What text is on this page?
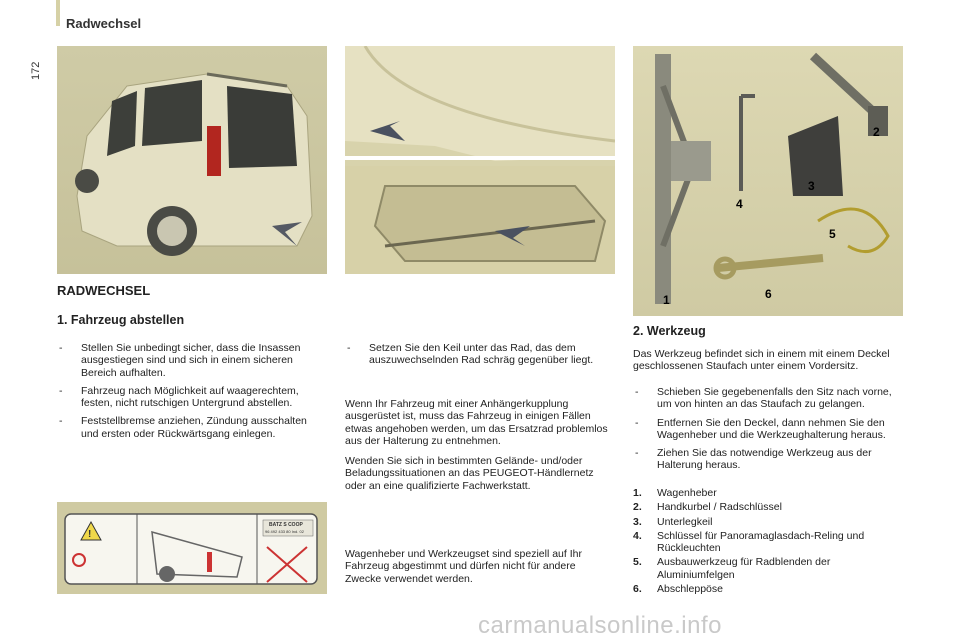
Radwechsel
172
1
2
3
4
5
6
!
BATZ S COOP
96 492 433 80 Ind. 02
RADWECHSEL
1. Fahrzeug abstellen
- Stellen Sie unbedingt sicher, dass die Insassen ausgestiegen sind und sich in einem sicheren Bereich aufhalten.
- Fahrzeug nach Möglichkeit auf waagerechtem, festen, nicht rutschigen Untergrund abstellen.
- Feststellbremse anziehen, Zündung ausschalten und ersten oder Rückwärtsgang einlegen.
- Setzen Sie den Keil unter das Rad, das dem auszuwechselnden Rad schräg gegenüber liegt.
Wenn Ihr Fahrzeug mit einer Anhängerkupplung ausgerüstet ist, muss das Fahrzeug in einigen Fällen etwas angehoben werden, um das Ersatzrad problemlos aus der Halterung zu entnehmen.
Wenden Sie sich in bestimmten Gelände- und/oder Beladungssituationen an das PEUGEOT-Händlernetz oder an eine qualifizierte Fachwerkstatt.
Wagenheber und Werkzeugset sind speziell auf Ihr Fahrzeug abgestimmt und dürfen nicht für andere Zwecke verwendet werden.
2. Werkzeug
Das Werkzeug befindet sich in einem mit einem Deckel geschlossenen Staufach unter einem Vordersitz.
- Schieben Sie gegebenenfalls den Sitz nach vorne, um von hinten an das Staufach zu gelangen.
- Entfernen Sie den Deckel, dann nehmen Sie den Wagenheber und die Werkzeughalterung heraus.
- Ziehen Sie das notwendige Werkzeug aus der Halterung heraus.
1. Wagenheber
2. Handkurbel / Radschlüssel
3. Unterlegkeil
4. Schlüssel für Panoramaglasdach-Reling und Rückleuchten
5. Ausbauwerkzeug für Radblenden der Aluminiumfelgen
6. Abschleppöse
carmanualsonline.info
